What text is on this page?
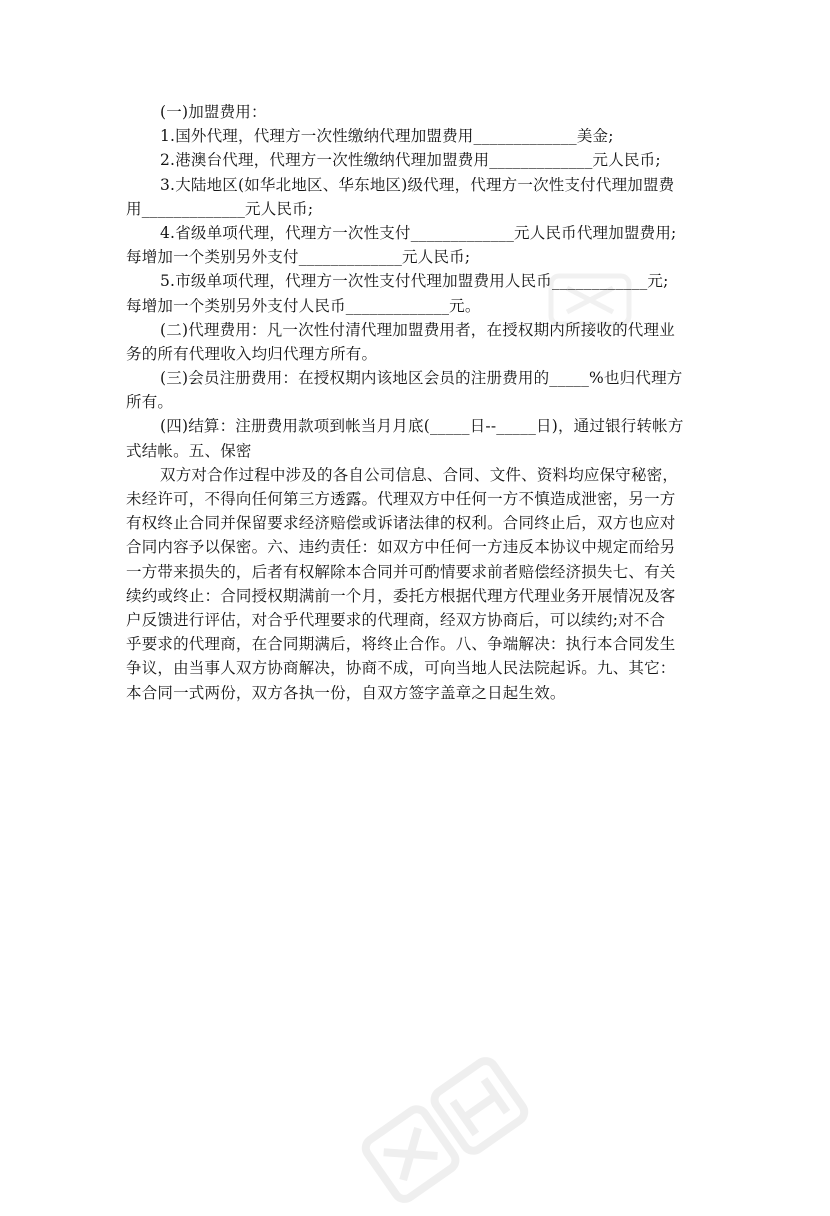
(一)加盟费用：
1.国外代理，代理方一次性缴纳代理加盟费用_____________美金;
2.港澳台代理，代理方一次性缴纳代理加盟费用_____________元人民币;
3.大陆地区(如华北地区、华东地区)级代理，代理方一次性支付代理加盟费
用_____________元人民币;
4.省级单项代理，代理方一次性支付_____________元人民币代理加盟费用;
每增加一个类别另外支付_____________元人民币;
5.市级单项代理，代理方一次性支付代理加盟费用人民币____________元;
每增加一个类别另外支付人民币_____________元。
(二)代理费用：凡一次性付清代理加盟费用者，在授权期内所接收的代理业
务的所有代理收入均归代理方所有。
(三)会员注册费用：在授权期内该地区会员的注册费用的_____%也归代理方
所有。
(四)结算：注册费用款项到帐当月月底(_____日--_____日)，通过银行转帐方
式结帐。五、保密
双方对合作过程中涉及的各自公司信息、合同、文件、资料均应保守秘密，
未经许可，不得向任何第三方透露。代理双方中任何一方不慎造成泄密，另一方
有权终止合同并保留要求经济赔偿或诉诸法律的权利。合同终止后，双方也应对
合同内容予以保密。六、违约责任：如双方中任何一方违反本协议中规定而给另
一方带来损失的，后者有权解除本合同并可酌情要求前者赔偿经济损失七、有关
续约或终止：合同授权期满前一个月，委托方根据代理方代理业务开展情况及客
户反馈进行评估，对合乎代理要求的代理商，经双方协商后，可以续约;对不合
乎要求的代理商，在合同期满后，将终止合作。八、争端解决：执行本合同发生
争议，由当事人双方协商解决，协商不成，可向当地人民法院起诉。九、其它：
本合同一式两份，双方各执一份，自双方签字盖章之日起生效。
